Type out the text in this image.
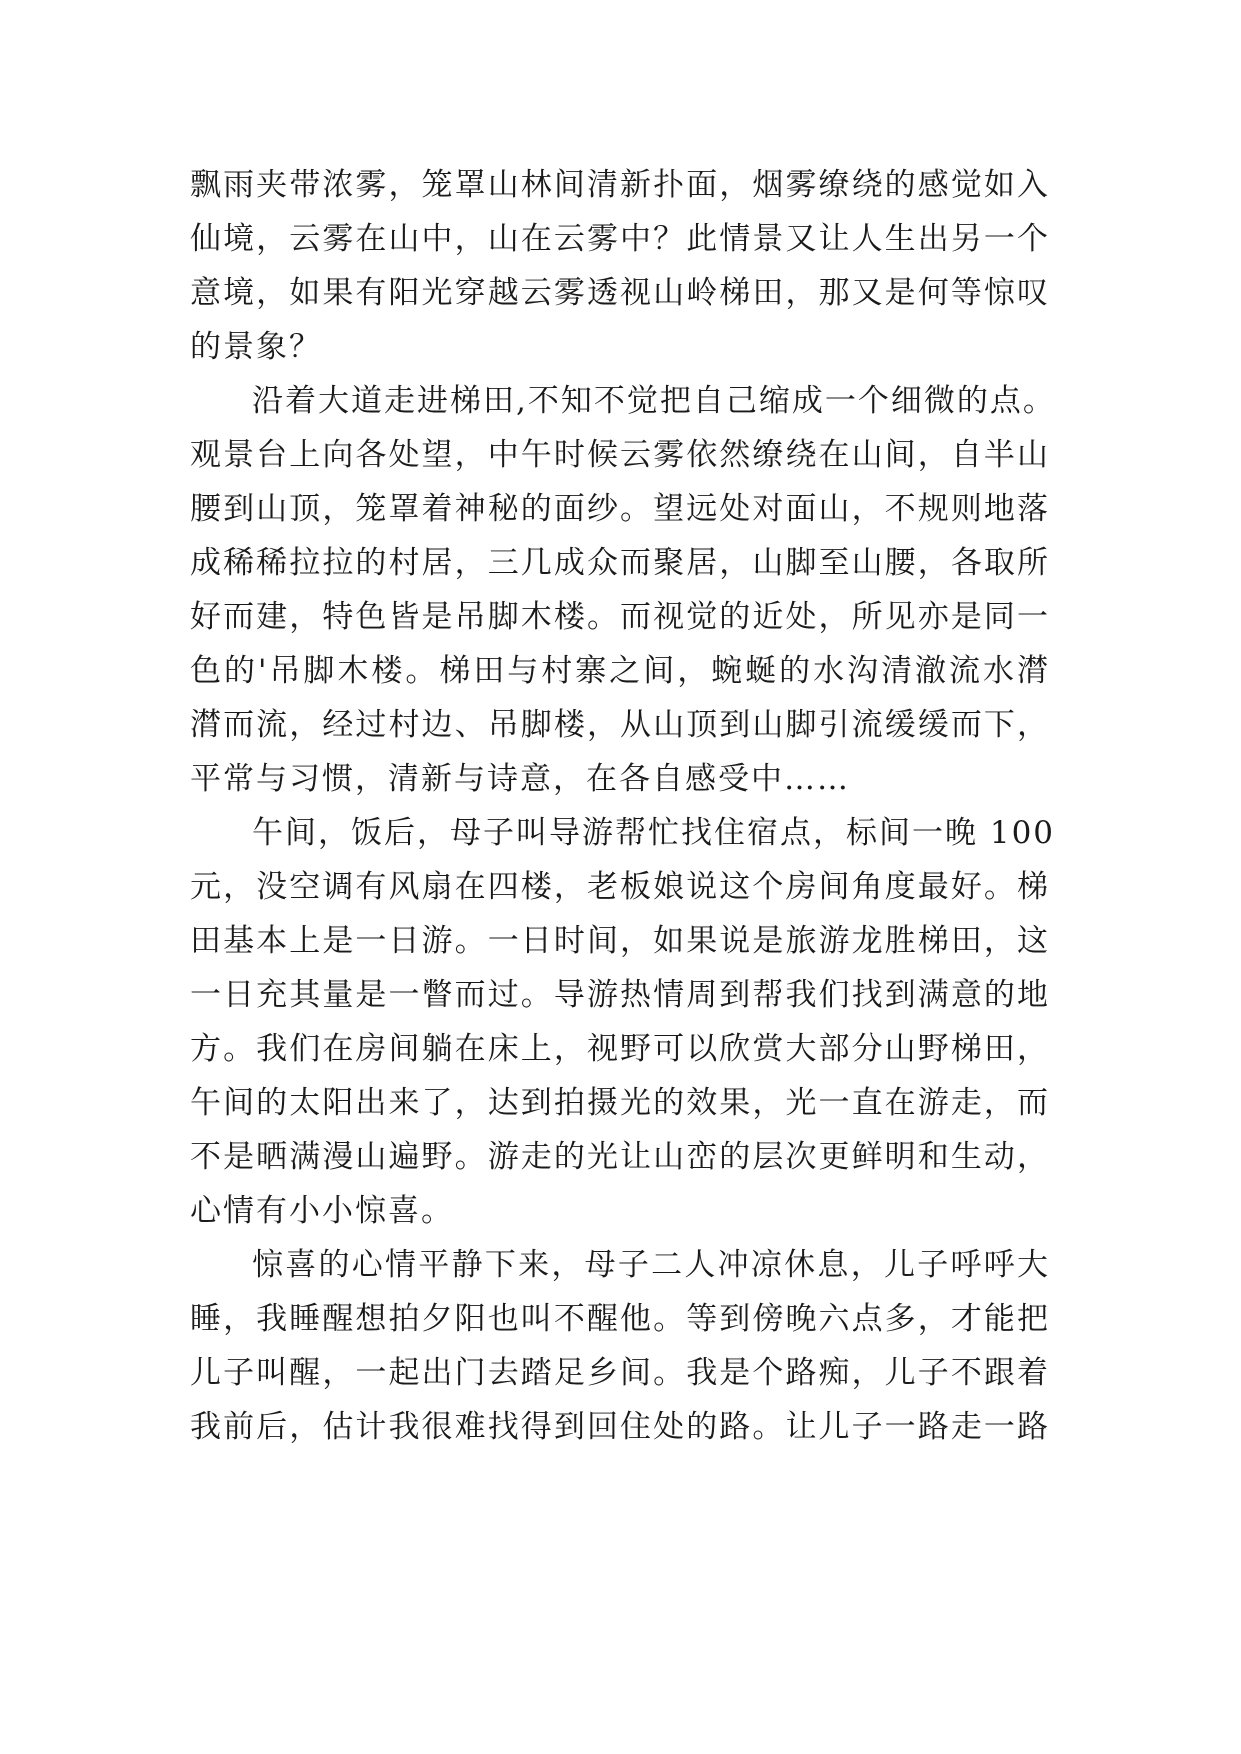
飘雨夹带浓雾，笼罩山林间清新扑面，烟雾缭绕的感觉如入
仙境，云雾在山中，山在云雾中？此情景又让人生出另一个
意境，如果有阳光穿越云雾透视山岭梯田，那又是何等惊叹
的景象？

沿着大道走进梯田,不知不觉把自己缩成一个细微的点。
观景台上向各处望，中午时候云雾依然缭绕在山间，自半山
腰到山顶，笼罩着神秘的面纱。望远处对面山，不规则地落
成稀稀拉拉的村居，三几成众而聚居，山脚至山腰，各取所
好而建，特色皆是吊脚木楼。而视觉的近处，所见亦是同一
色的'吊脚木楼。梯田与村寨之间，蜿蜒的水沟清澈流水潸
潸而流，经过村边、吊脚楼，从山顶到山脚引流缓缓而下，
平常与习惯，清新与诗意，在各自感受中……

午间，饭后，母子叫导游帮忙找住宿点，标间一晚 100
元，没空调有风扇在四楼，老板娘说这个房间角度最好。梯
田基本上是一日游。一日时间，如果说是旅游龙胜梯田，这
一日充其量是一瞥而过。导游热情周到帮我们找到满意的地
方。我们在房间躺在床上，视野可以欣赏大部分山野梯田，
午间的太阳出来了，达到拍摄光的效果，光一直在游走，而
不是晒满漫山遍野。游走的光让山峦的层次更鲜明和生动，
心情有小小惊喜。

惊喜的心情平静下来，母子二人冲凉休息，儿子呼呼大
睡，我睡醒想拍夕阳也叫不醒他。等到傍晚六点多，才能把
儿子叫醒，一起出门去踏足乡间。我是个路痴，儿子不跟着
我前后，估计我很难找得到回住处的路。让儿子一路走一路
